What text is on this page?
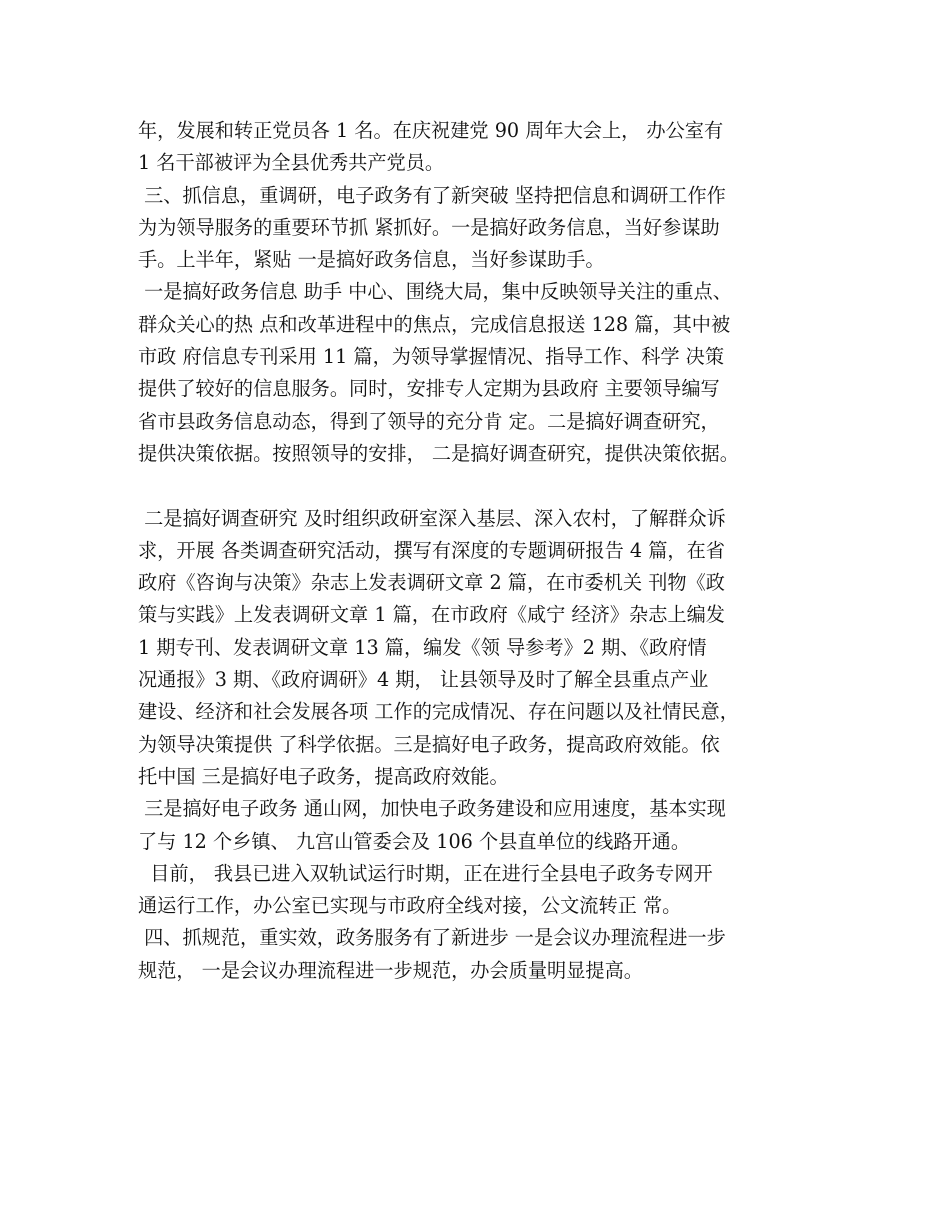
年，发展和转正党员各 1 名。在庆祝建党 90 周年大会上， 办公室有
1 名干部被评为全县优秀共产党员。
三、抓信息，重调研，电子政务有了新突破 坚持把信息和调研工作作
为为领导服务的重要环节抓 紧抓好。一是搞好政务信息，当好参谋助
手。上半年，紧贴 一是搞好政务信息，当好参谋助手。
一是搞好政务信息 助手 中心、围绕大局，集中反映领导关注的重点、
群众关心的热 点和改革进程中的焦点，完成信息报送 128 篇，其中被
市政 府信息专刊采用 11 篇，为领导掌握情况、指导工作、科学 决策
提供了较好的信息服务。同时，安排专人定期为县政府 主要领导编写
省市县政务信息动态，得到了领导的充分肯 定。二是搞好调查研究，
提供决策依据。按照领导的安排， 二是搞好调查研究，提供决策依据。
二是搞好调查研究 及时组织政研室深入基层、深入农村，了解群众诉
求，开展 各类调查研究活动，撰写有深度的专题调研报告 4 篇，在省
政府《咨询与决策》杂志上发表调研文章 2 篇，在市委机关 刊物《政
策与实践》上发表调研文章 1 篇，在市政府《咸宁 经济》杂志上编发
1 期专刊、发表调研文章 13 篇，编发《领 导参考》2 期、《政府情
况通报》3 期、《政府调研》4 期， 让县领导及时了解全县重点产业
建设、经济和社会发展各项 工作的完成情况、存在问题以及社情民意，
为领导决策提供 了科学依据。三是搞好电子政务，提高政府效能。依
托中国 三是搞好电子政务，提高政府效能。
三是搞好电子政务 通山网，加快电子政务建设和应用速度，基本实现
了与 12 个乡镇、 九宫山管委会及 106 个县直单位的线路开通。
目前， 我县已进入双轨试运行时期，正在进行全县电子政务专网开
通运行工作，办公室已实现与市政府全线对接，公文流转正 常。
四、抓规范，重实效，政务服务有了新进步 一是会议办理流程进一步
规范， 一是会议办理流程进一步规范，办会质量明显提高。
